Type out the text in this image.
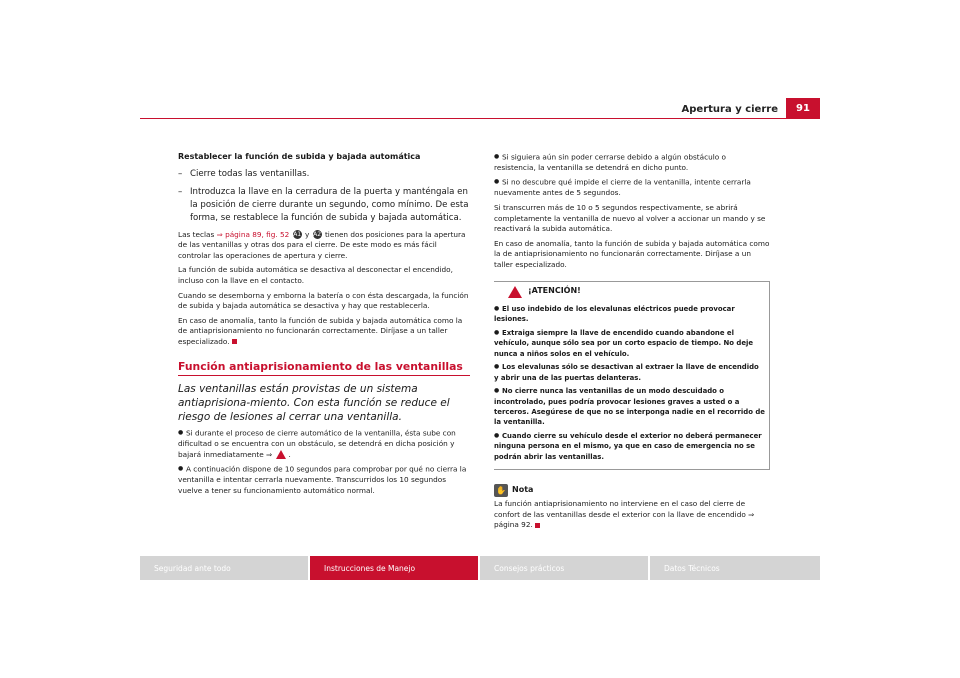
Apertura y cierre	91
Restablecer la función de subida y bajada automática
– Cierre todas las ventanillas.
– Introduzca la llave en la cerradura de la puerta y manténgala en la posición de cierre durante un segundo, como mínimo. De esta forma, se restablece la función de subida y bajada automática.

Las teclas ⇒ página 89, fig. 52 A1 y A2 tienen dos posiciones para la apertura de las ventanillas y otras dos para el cierre. De este modo es más fácil controlar las operaciones de apertura y cierre.

La función de subida automática se desactiva al desconectar el encendido, incluso con la llave en el contacto.

Cuando se desemborna y emborna la batería o con ésta descargada, la función de subida y bajada automática se desactiva y hay que restablecerla.

En caso de anomalía, tanto la función de subida y bajada automática como la de antiaprisionamiento no funcionarán correctamente. Diríjase a un taller especializado.

Función antiaprisionamiento de las ventanillas
Las ventanillas están provistas de un sistema antiaprisiona-miento. Con esta función se reduce el riesgo de lesiones al cerrar una ventanilla.

●Si durante el proceso de cierre automático de la ventanilla, ésta sube con dificultad o se encuentra con un obstáculo, se detendrá en dicha posición y bajará inmediatamente ⇒ .

●A continuación dispone de 10 segundos para comprobar por qué no cierra la ventanilla e intentar cerrarla nuevamente. Transcurridos los 10 segundos vuelve a tener su funcionamiento automático normal.

●Si siguiera aún sin poder cerrarse debido a algún obstáculo o resistencia, la ventanilla se detendrá en dicho punto.

●Si no descubre qué impide el cierre de la ventanilla, intente cerrarla nuevamente antes de 5 segundos.

Si transcurren más de 10 o 5 segundos respectivamente, se abrirá completamente la ventanilla de nuevo al volver a accionar un mando y se reactivará la subida automática.

En caso de anomalía, tanto la función de subida y bajada automática como la de antiaprisionamiento no funcionarán correctamente. Diríjase a un taller especializado.

¡ATENCIÓN!

●El uso indebido de los elevalunas eléctricos puede provocar lesiones.

●Extraiga siempre la llave de encendido cuando abandone el vehículo, aunque sólo sea por un corto espacio de tiempo. No deje nunca a niños solos en el vehículo.

●Los elevalunas sólo se desactivan al extraer la llave de encendido y abrir una de las puertas delanteras.

●No cierre nunca las ventanillas de un modo descuidado o incontrolado, pues podría provocar lesiones graves a usted o a terceros. Asegúrese de que no se interponga nadie en el recorrido de la ventanilla.

●Cuando cierre su vehículo desde el exterior no deberá permanecer ninguna persona en el mismo, ya que en caso de emergencia no se podrán abrir las ventanillas.

✋ Nota

La función antiaprisionamiento no interviene en el caso del cierre de confort de las ventanillas desde el exterior con la llave de encendido ⇒ página 92.

Seguridad ante todo	Instrucciones de Manejo	Consejos prácticos	Datos Técnicos
